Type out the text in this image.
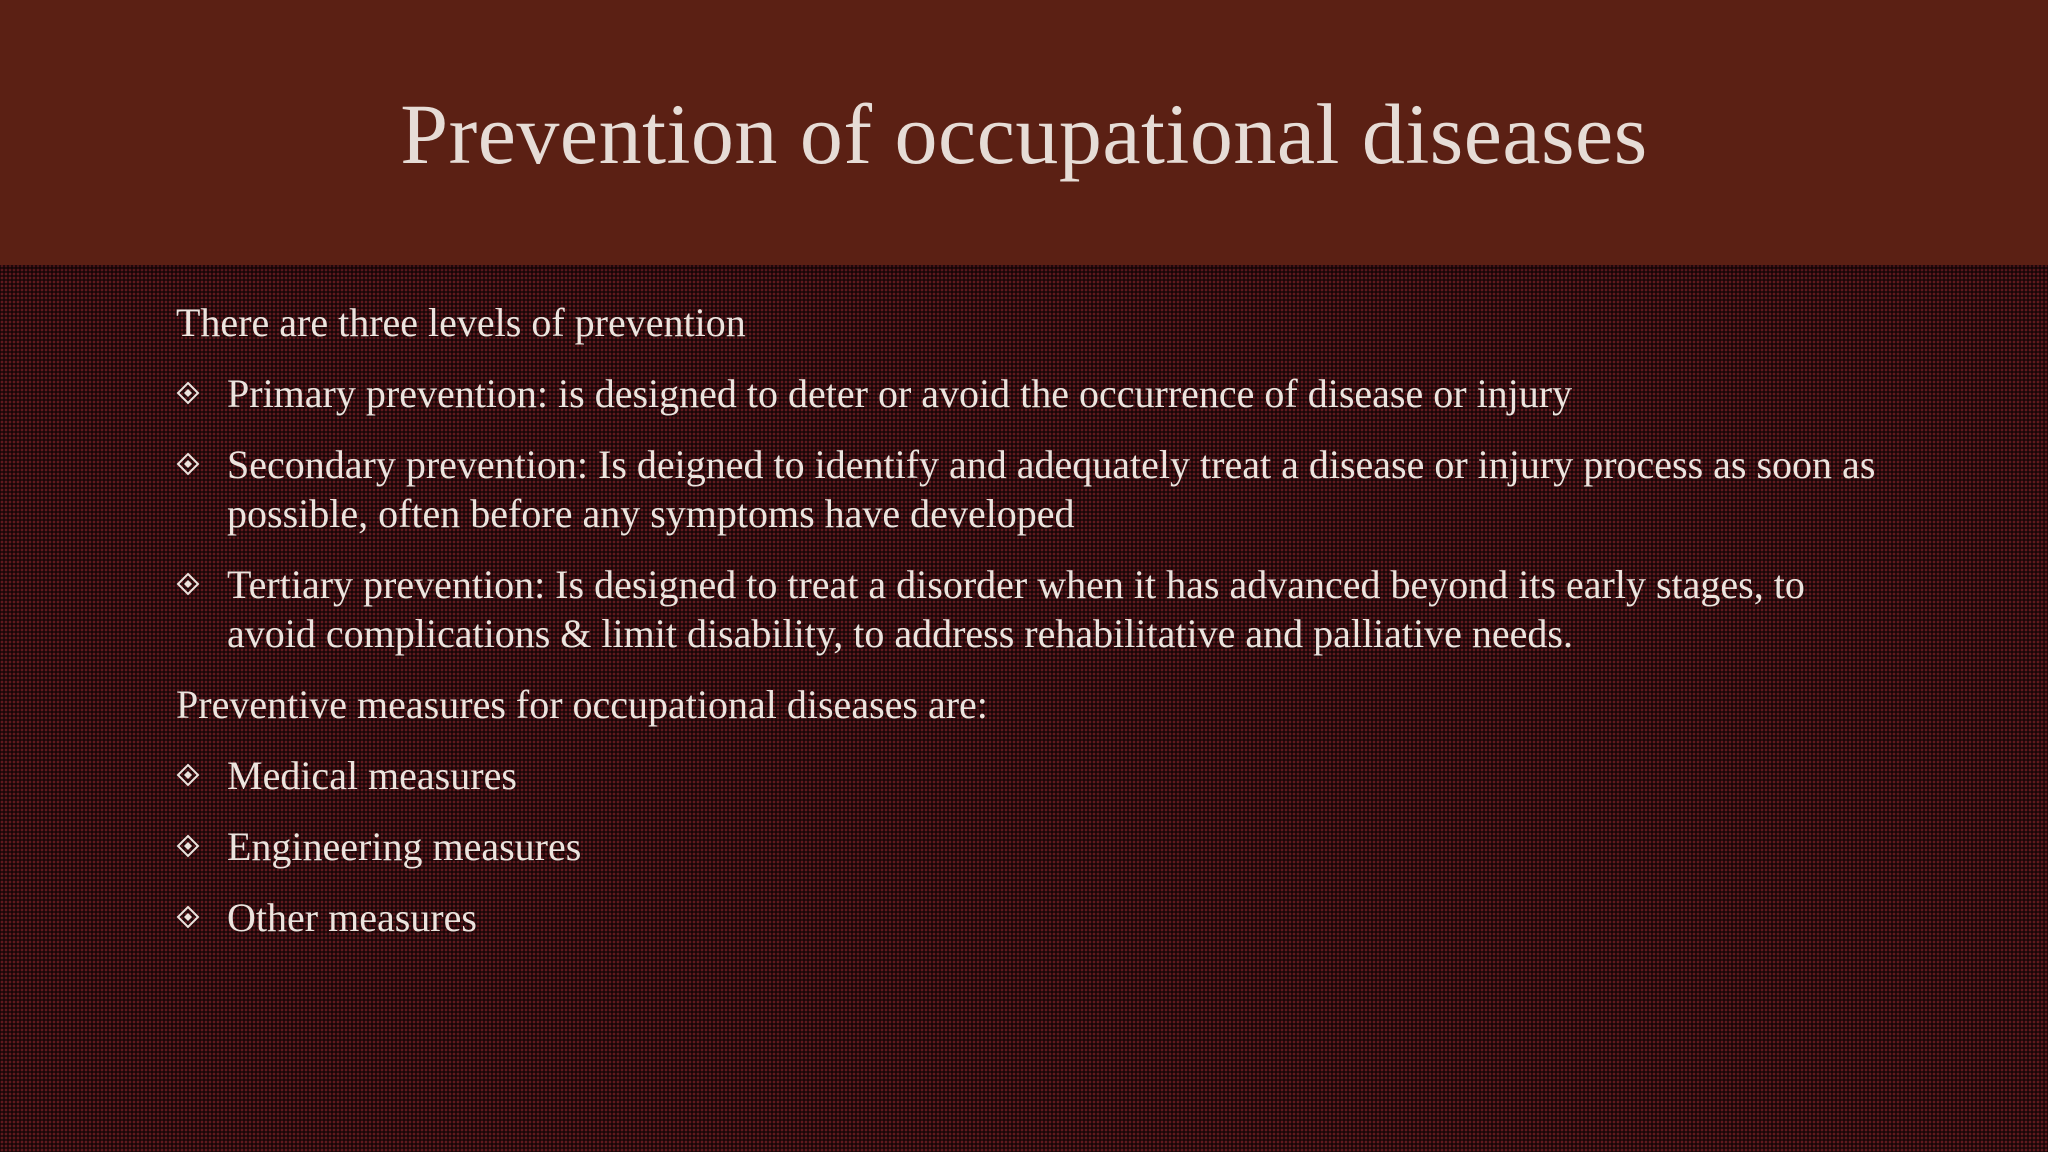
Prevention of occupational diseases

There are three levels of prevention

Primary prevention: is designed to deter or avoid the occurrence of disease or injury
Secondary prevention: Is deigned to identify and adequately treat a disease or injury process as soon as possible, often before any symptoms have developed
Tertiary prevention: Is designed to treat a disorder when it has advanced beyond its early stages, to avoid complications & limit disability, to address rehabilitative and palliative needs.

Preventive measures for occupational diseases are:

Medical measures
Engineering measures
Other measures
